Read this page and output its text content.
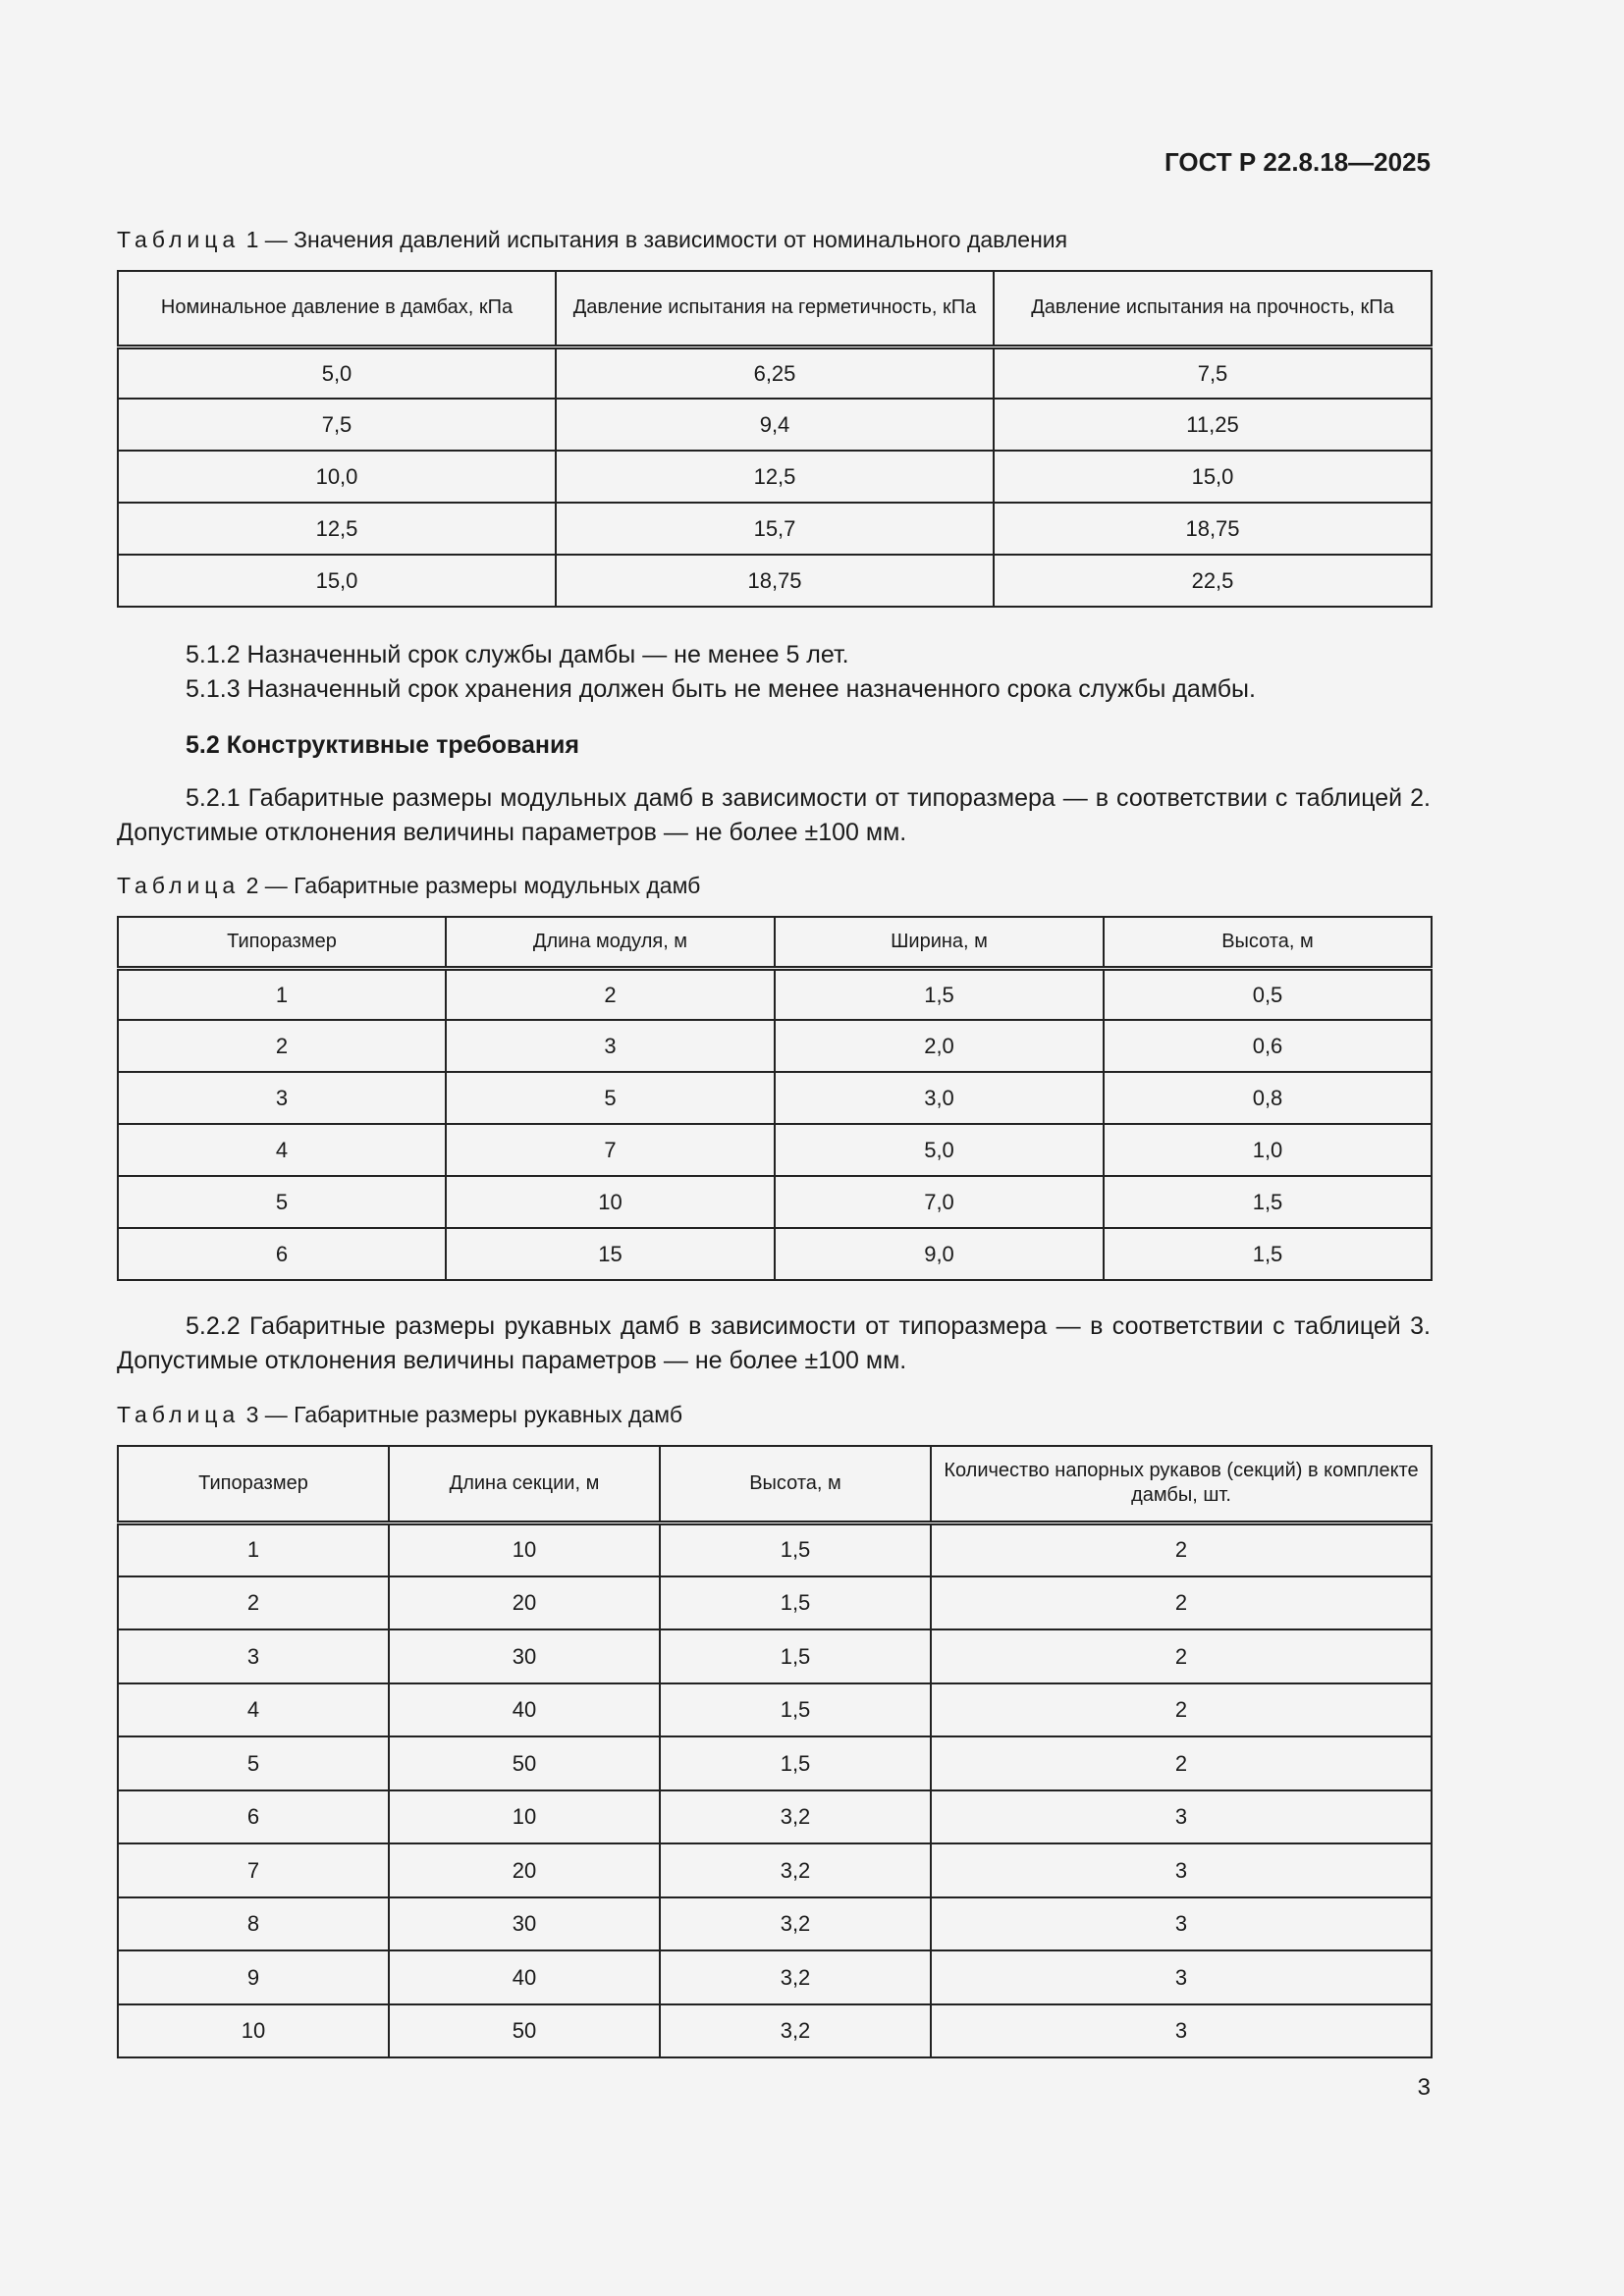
ГОСТ Р 22.8.18—2025
Таблица 1 — Значения давлений испытания в зависимости от номинального давления
Номинальное давление в дамбах, кПа	Давление испытания на герметичность, кПа	Давление испытания на прочность, кПа
5,0	6,25	7,5
7,5	9,4	11,25
10,0	12,5	15,0
12,5	15,7	18,75
15,0	18,75	22,5
5.1.2 Назначенный срок службы дамбы — не менее 5 лет.
5.1.3 Назначенный срок хранения должен быть не менее назначенного срока службы дамбы.
5.2 Конструктивные требования
5.2.1 Габаритные размеры модульных дамб в зависимости от типоразмера — в соответствии с таблицей 2. Допустимые отклонения величины параметров — не более ±100 мм.
Таблица 2 — Габаритные размеры модульных дамб
Типоразмер	Длина модуля, м	Ширина, м	Высота, м
1	2	1,5	0,5
2	3	2,0	0,6
3	5	3,0	0,8
4	7	5,0	1,0
5	10	7,0	1,5
6	15	9,0	1,5
5.2.2 Габаритные размеры рукавных дамб в зависимости от типоразмера — в соответствии с таблицей 3. Допустимые отклонения величины параметров — не более ±100 мм.
Таблица 3 — Габаритные размеры рукавных дамб
Типоразмер	Длина секции, м	Высота, м	Количество напорных рукавов (секций) в комплекте дамбы, шт.
1	10	1,5	2
2	20	1,5	2
3	30	1,5	2
4	40	1,5	2
5	50	1,5	2
6	10	3,2	3
7	20	3,2	3
8	30	3,2	3
9	40	3,2	3
10	50	3,2	3
3
